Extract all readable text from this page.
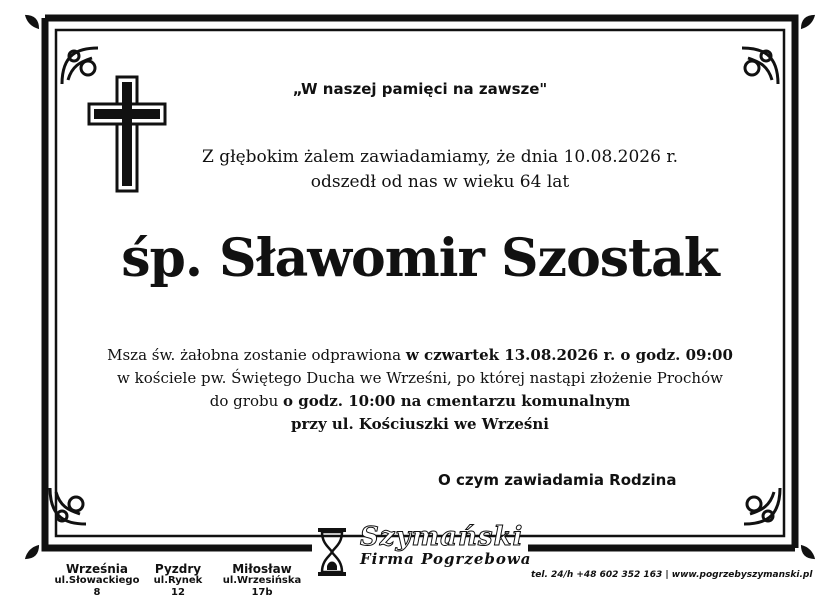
„W naszej pamięci na zawsze"
Z głębokim żalem zawiadamiamy, że dnia 10.08.2026 r.
odszedł od nas w wieku 64 lat
śp. Sławomir Szostak
Msza św. żałobna zostanie odprawiona w czwartek 13.08.2026 r. o godz. 09:00
w kościele pw. Świętego Ducha we Wrześni, po której nastąpi złożenie Prochów
do grobu o godz. 10:00 na cmentarzu komunalnym
przy ul. Kościuszki we Wrześni
O czym zawiadamia Rodzina
Września
ul.Słowackiego 8
Pyzdry
ul.Rynek 12
Miłosław
ul.Wrzesińska 17b
Szymański
Firma Pogrzebowa
tel. 24/h +48 602 352 163 | www.pogrzebyszymanski.pl
